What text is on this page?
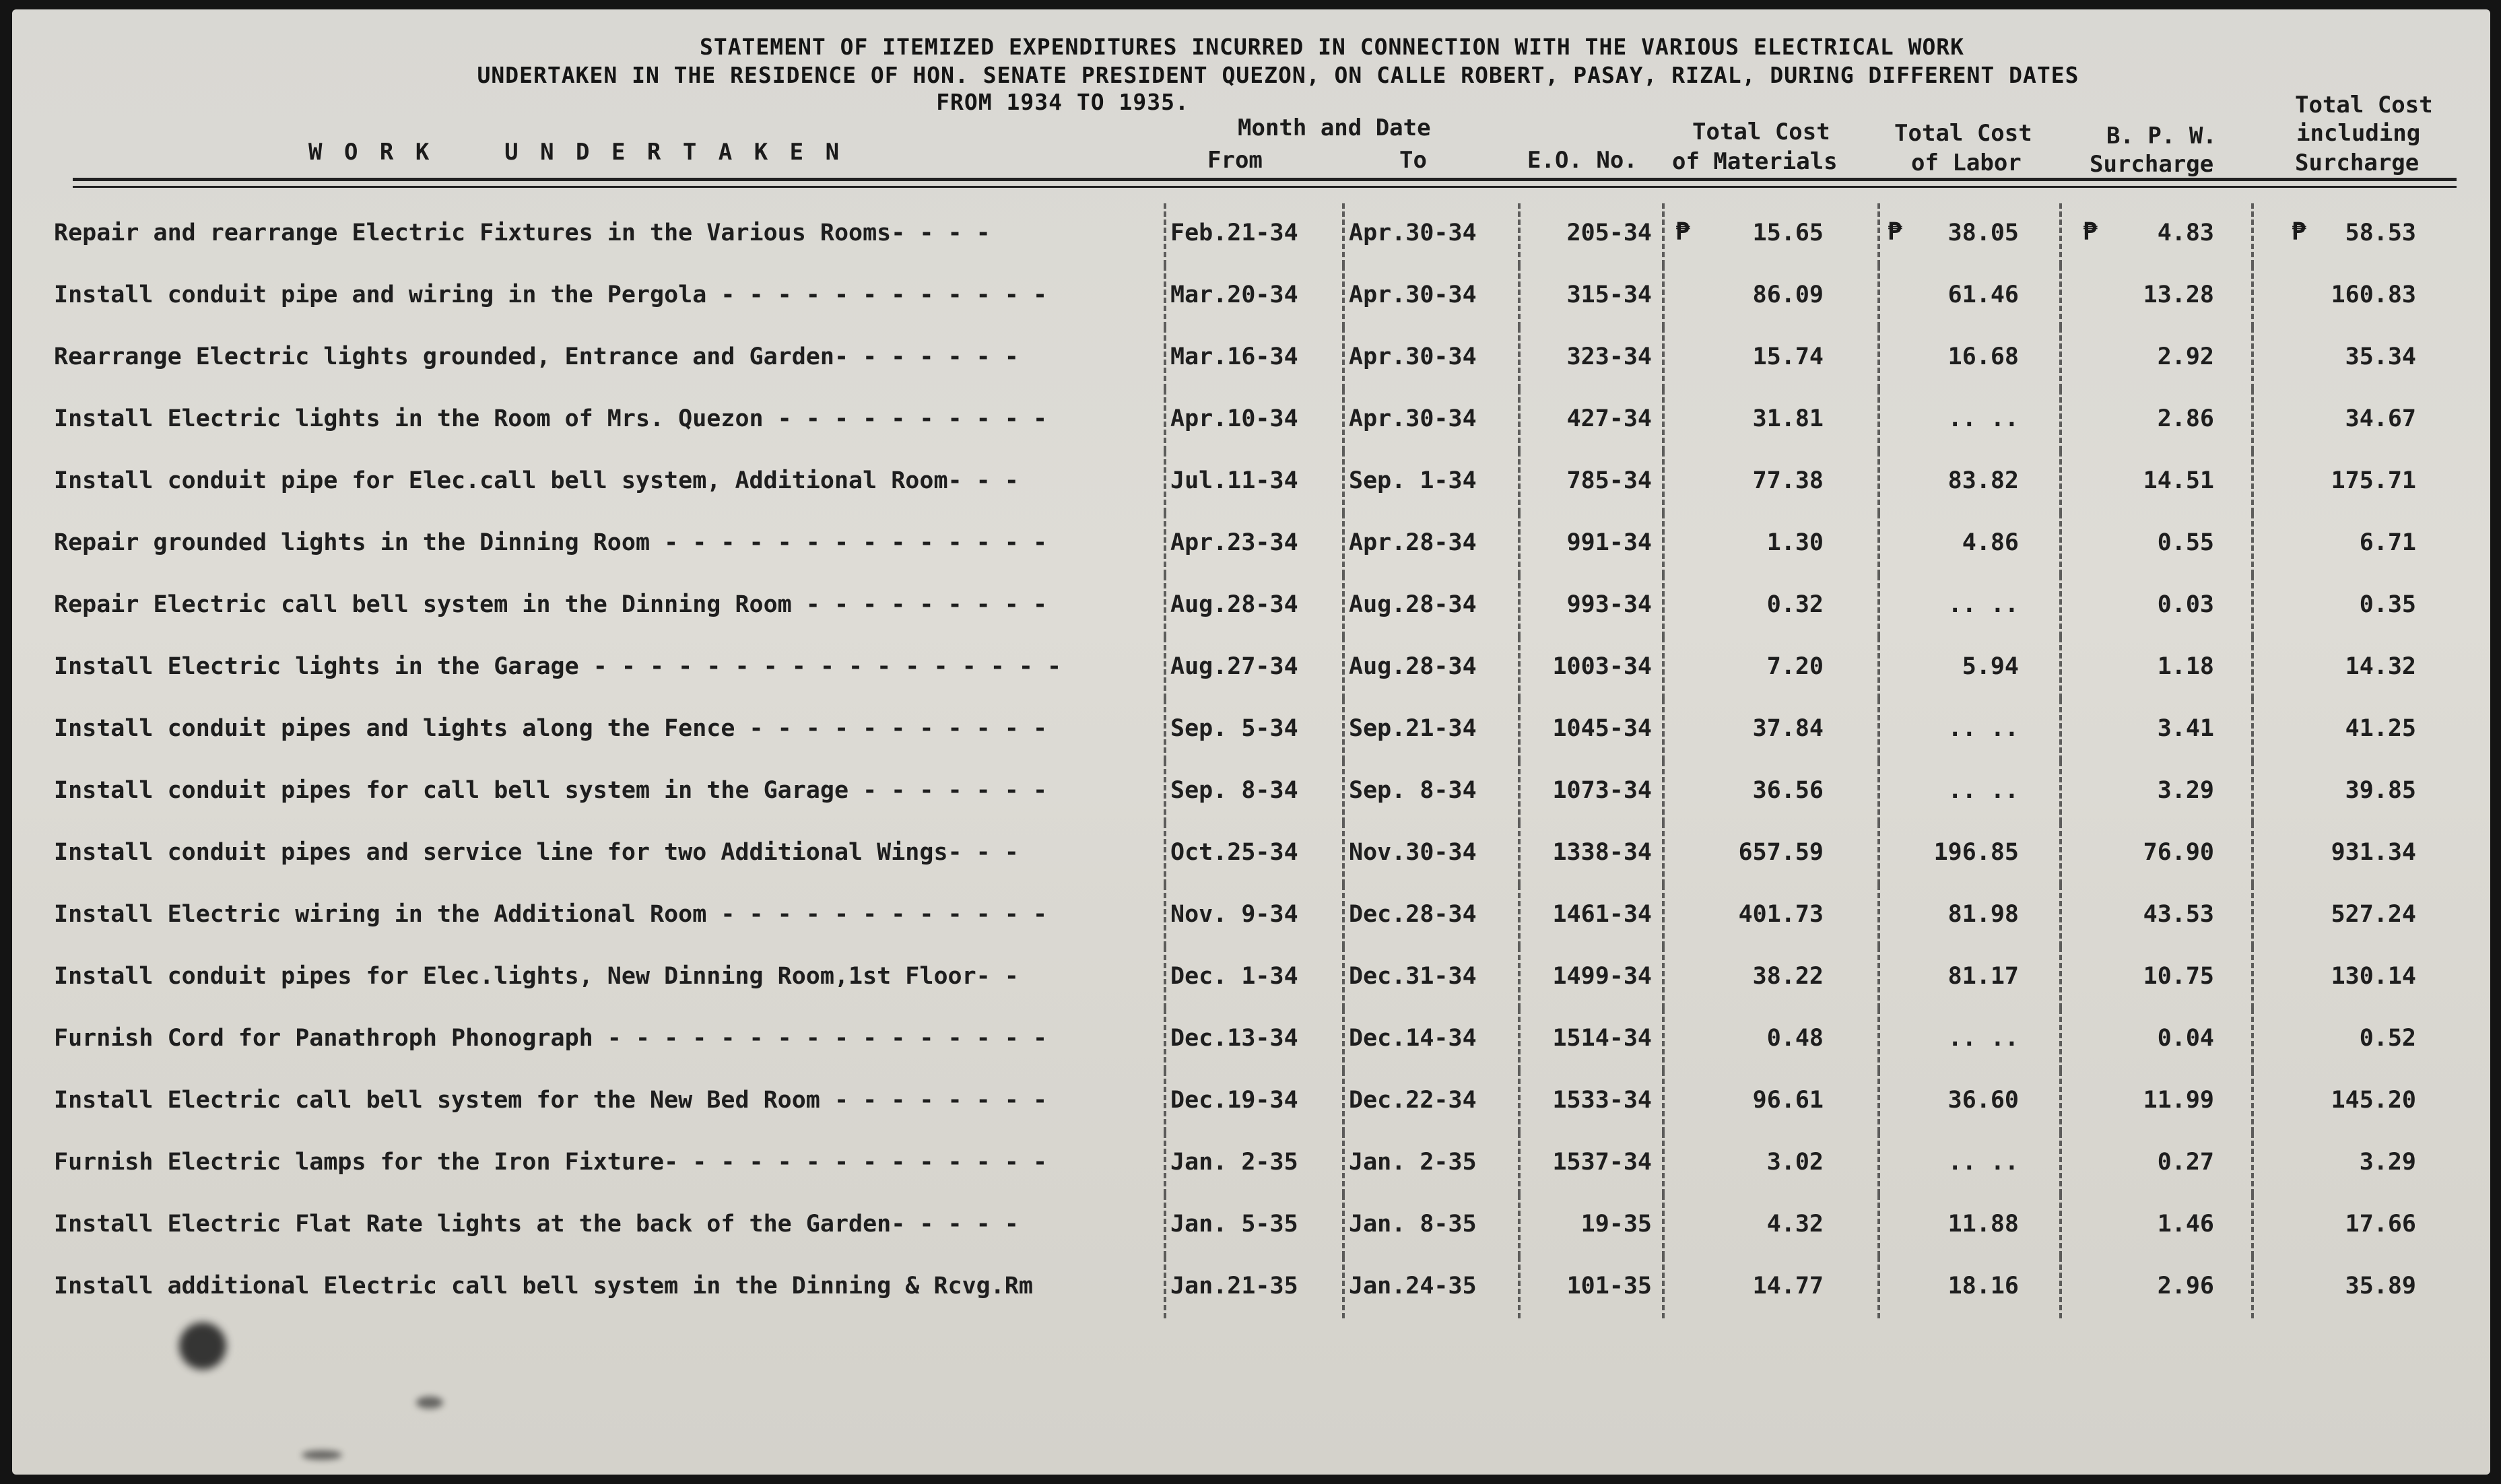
STATEMENT OF ITEMIZED EXPENDITURES INCURRED IN CONNECTION WITH THE VARIOUS ELECTRICAL WORK
UNDERTAKEN IN THE RESIDENCE OF HON. SENATE PRESIDENT QUEZON, ON CALLE ROBERT, PASAY, RIZAL, DURING DIFFERENT DATES
FROM 1934 TO 1935.
W O R K    U N D E R T A K E N
Month and Date
From	To	E.O. No.
Total Cost
of Materials
Total Cost
of Labor
B. P. W.
Surcharge
Total Cost
including
Surcharge
Repair and rearrange Electric Fixtures in the Various Rooms- - - -	Feb.21-34	Apr.30-34	205-34	15.65	38.05	4.83	58.53
₱	₱	₱	₱
Install conduit pipe and wiring in the Pergola - - - - - - - - - - - -	Mar.20-34	Apr.30-34	315-34	86.09	61.46	13.28	160.83
Rearrange Electric lights grounded, Entrance and Garden- - - - - - -	Mar.16-34	Apr.30-34	323-34	15.74	16.68	2.92	35.34
Install Electric lights in the Room of Mrs. Quezon - - - - - - - - - -	Apr.10-34	Apr.30-34	427-34	31.81	.. ..	2.86	34.67
Install conduit pipe for Elec.call bell system, Additional Room- - -	Jul.11-34	Sep. 1-34	785-34	77.38	83.82	14.51	175.71
Repair grounded lights in the Dinning Room - - - - - - - - - - - - - -	Apr.23-34	Apr.28-34	991-34	1.30	4.86	0.55	6.71
Repair Electric call bell system in the Dinning Room - - - - - - - - -	Aug.28-34	Aug.28-34	993-34	0.32	.. ..	0.03	0.35
Install Electric lights in the Garage - - - - - - - - - - - - - - - - -	Aug.27-34	Aug.28-34	1003-34	7.20	5.94	1.18	14.32
Install conduit pipes and lights along the Fence - - - - - - - - - - -	Sep. 5-34	Sep.21-34	1045-34	37.84	.. ..	3.41	41.25
Install conduit pipes for call bell system in the Garage - - - - - - -	Sep. 8-34	Sep. 8-34	1073-34	36.56	.. ..	3.29	39.85
Install conduit pipes and service line for two Additional Wings- - -	Oct.25-34	Nov.30-34	1338-34	657.59	196.85	76.90	931.34
Install Electric wiring in the Additional Room - - - - - - - - - - - -	Nov. 9-34	Dec.28-34	1461-34	401.73	81.98	43.53	527.24
Install conduit pipes for Elec.lights, New Dinning Room,1st Floor- -	Dec. 1-34	Dec.31-34	1499-34	38.22	81.17	10.75	130.14
Furnish Cord for Panathroph Phonograph - - - - - - - - - - - - - - - -	Dec.13-34	Dec.14-34	1514-34	0.48	.. ..	0.04	0.52
Install Electric call bell system for the New Bed Room - - - - - - - -	Dec.19-34	Dec.22-34	1533-34	96.61	36.60	11.99	145.20
Furnish Electric lamps for the Iron Fixture- - - - - - - - - - - - - -	Jan. 2-35	Jan. 2-35	1537-34	3.02	.. ..	0.27	3.29
Install Electric Flat Rate lights at the back of the Garden- - - - -	Jan. 5-35	Jan. 8-35	19-35	4.32	11.88	1.46	17.66
Install additional Electric call bell system in the Dinning & Rcvg.Rm	Jan.21-35	Jan.24-35	101-35	14.77	18.16	2.96	35.89
